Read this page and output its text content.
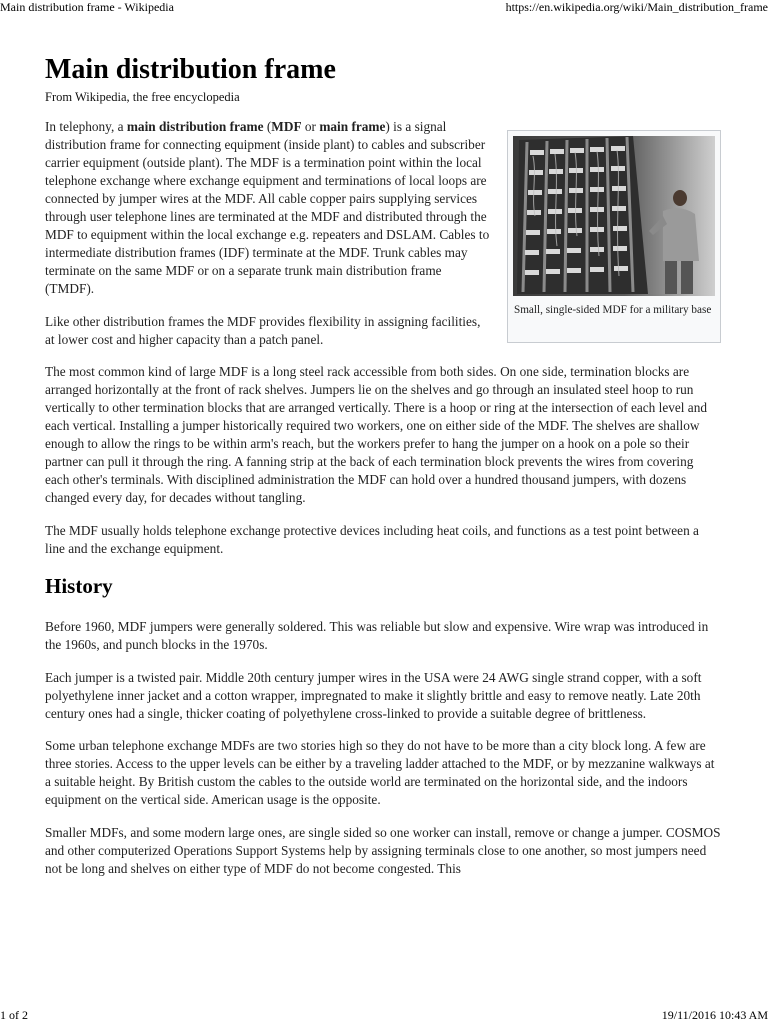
Main distribution frame - Wikipedia	https://en.wikipedia.org/wiki/Main_distribution_frame
Main distribution frame
From Wikipedia, the free encyclopedia

In telephony, a main distribution frame (MDF or main frame) is a signal distribution frame for connecting equipment (inside plant) to cables and subscriber carrier equipment (outside plant). The MDF is a termination point within the local telephone exchange where exchange equipment and terminations of local loops are connected by jumper wires at the MDF. All cable copper pairs supplying services through user telephone lines are terminated at the MDF and distributed through the MDF to equipment within the local exchange e.g. repeaters and DSLAM. Cables to intermediate distribution frames (IDF) terminate at the MDF. Trunk cables may terminate on the same MDF or on a separate trunk main distribution frame (TMDF).

Like other distribution frames the MDF provides flexibility in assigning facilities, at lower cost and higher capacity than a patch panel.

The most common kind of large MDF is a long steel rack accessible from both sides. On one side, termination blocks are arranged horizontally at the front of rack shelves. Jumpers lie on the shelves and go through an insulated steel hoop to run vertically to other termination blocks that are arranged vertically. There is a hoop or ring at the intersection of each level and each vertical. Installing a jumper historically required two workers, one on either side of the MDF. The shelves are shallow enough to allow the rings to be within arm's reach, but the workers prefer to hang the jumper on a hook on a pole so their partner can pull it through the ring. A fanning strip at the back of each termination block prevents the wires from covering each other's terminals. With disciplined administration the MDF can hold over a hundred thousand jumpers, with dozens changed every day, for decades without tangling.

The MDF usually holds telephone exchange protective devices including heat coils, and functions as a test point between a line and the exchange equipment.

History

Before 1960, MDF jumpers were generally soldered. This was reliable but slow and expensive. Wire wrap was introduced in the 1960s, and punch blocks in the 1970s.

Each jumper is a twisted pair. Middle 20th century jumper wires in the USA were 24 AWG single strand copper, with a soft polyethylene inner jacket and a cotton wrapper, impregnated to make it slightly brittle and easy to remove neatly. Late 20th century ones had a single, thicker coating of polyethylene cross-linked to provide a suitable degree of brittleness.

Some urban telephone exchange MDFs are two stories high so they do not have to be more than a city block long. A few are three stories. Access to the upper levels can be either by a traveling ladder attached to the MDF, or by mezzanine walkways at a suitable height. By British custom the cables to the outside world are terminated on the horizontal side, and the indoors equipment on the vertical side. American usage is the opposite.

Smaller MDFs, and some modern large ones, are single sided so one worker can install, remove or change a jumper. COSMOS and other computerized Operations Support Systems help by assigning terminals close to one another, so most jumpers need not be long and shelves on either type of MDF do not become congested. This

Small, single-sided MDF for a military base
1 of 2	19/11/2016 10:43 AM
